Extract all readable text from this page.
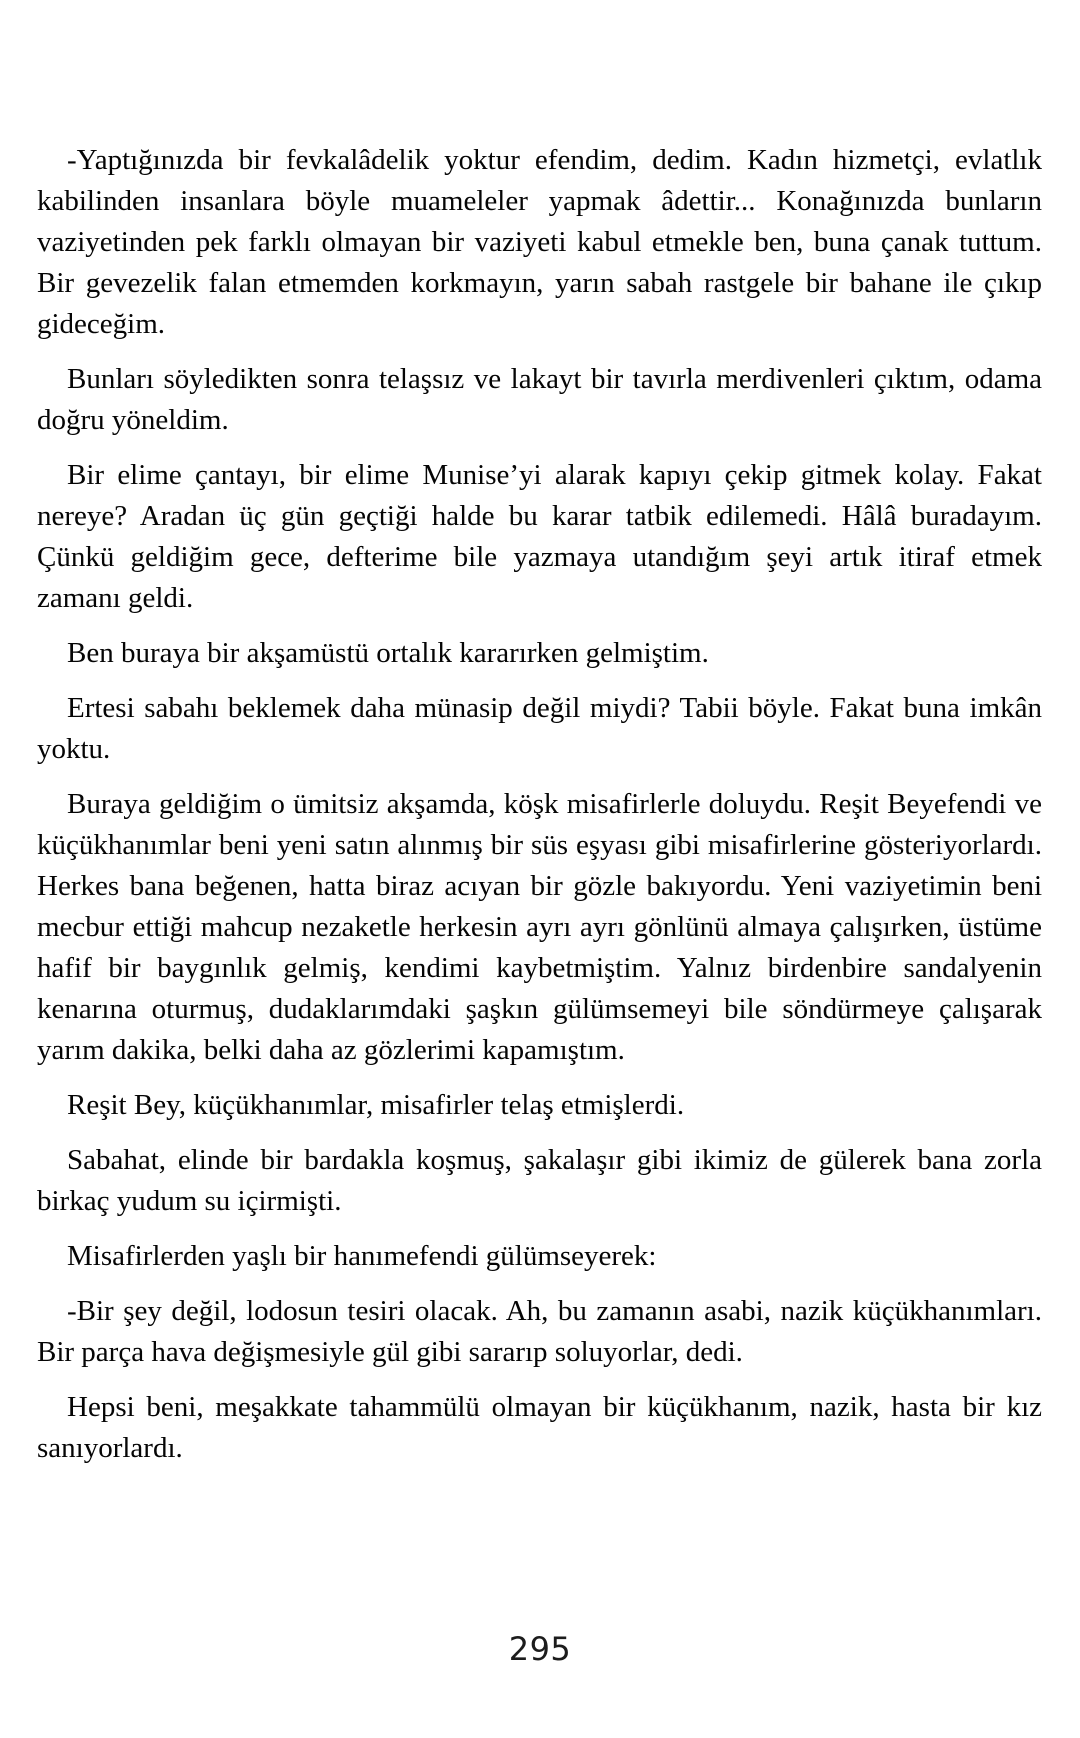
-Yaptığınızda bir fevkalâdelik yoktur efendim, dedim. Kadın hizmetçi, evlatlık kabilinden insanlara böyle muameleler yapmak âdettir... Konağınızda bunların vaziyetinden pek farklı olmayan bir vaziyeti kabul etmekle ben, buna çanak tuttum. Bir gevezelik falan etmemden korkmayın, yarın sabah rastgele bir bahane ile çıkıp gideceğim.

Bunları söyledikten sonra telaşsız ve lakayt bir tavırla merdivenleri çıktım, odama doğru yöneldim.

Bir elime çantayı, bir elime Munise’yi alarak kapıyı çekip gitmek kolay. Fakat nereye? Aradan üç gün geçtiği halde bu karar tatbik edilemedi. Hâlâ buradayım. Çünkü geldiğim gece, defterime bile yazmaya utandığım şeyi artık itiraf etmek zamanı geldi.

Ben buraya bir akşamüstü ortalık kararırken gelmiştim.

Ertesi sabahı beklemek daha münasip değil miydi? Tabii böyle. Fakat buna imkân yoktu.

Buraya geldiğim o ümitsiz akşamda, köşk misafirlerle doluydu. Reşit Beyefendi ve küçükhanımlar beni yeni satın alınmış bir süs eşyası gibi misafirlerine gösteriyorlardı. Herkes bana beğenen, hatta biraz acıyan bir gözle bakıyordu. Yeni vaziyetimin beni mecbur ettiği mahcup nezaketle herkesin ayrı ayrı gönlünü almaya çalışırken, üstüme hafif bir baygınlık gelmiş, kendimi kaybetmiştim. Yalnız birdenbire sandalyenin kenarına oturmuş, dudaklarımdaki şaşkın gülümsemeyi bile söndürmeye çalışarak yarım dakika, belki daha az gözlerimi kapamıştım.

Reşit Bey, küçükhanımlar, misafirler telaş etmişlerdi.

Sabahat, elinde bir bardakla koşmuş, şakalaşır gibi ikimiz de gülerek bana zorla birkaç yudum su içirmişti.

Misafirlerden yaşlı bir hanımefendi gülümseyerek:

-Bir şey değil, lodosun tesiri olacak. Ah, bu zamanın asabi, nazik küçükhanımları. Bir parça hava değişmesiyle gül gibi sararıp soluyorlar, dedi.

Hepsi beni, meşakkate tahammülü olmayan bir küçükhanım, nazik, hasta bir kız sanıyorlardı.

295
